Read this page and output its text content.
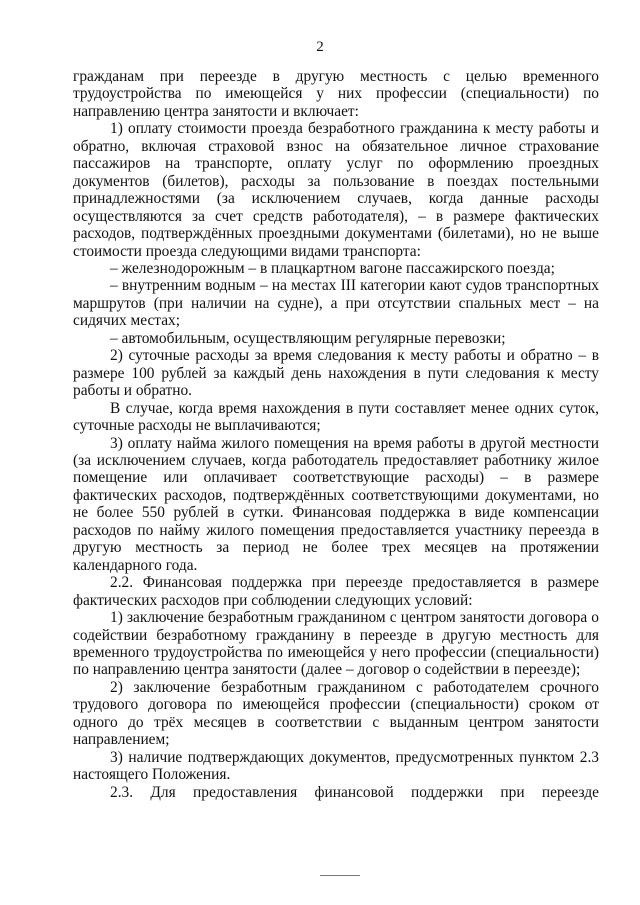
2

гражданам при переезде в другую местность с целью временного трудоустройства по имеющейся у них профессии (специальности) по направлению центра занятости и включает:

1) оплату стоимости проезда безработного гражданина к месту работы и обратно, включая страховой взнос на обязательное личное страхование пассажиров на транспорте, оплату услуг по оформлению проездных документов (билетов), расходы за пользование в поездах постельными принадлежностями (за исключением случаев, когда данные расходы осуществляются за счет средств работодателя), – в размере фактических расходов, подтверждённых проездными документами (билетами), но не выше стоимости проезда следующими видами транспорта:

– железнодорожным – в плацкартном вагоне пассажирского поезда;

– внутренним водным – на местах III категории кают судов транспортных маршрутов (при наличии на судне), а при отсутствии спальных мест – на сидячих местах;

– автомобильным, осуществляющим регулярные перевозки;

2) суточные расходы за время следования к месту работы и обратно – в размере 100 рублей за каждый день нахождения в пути следования к месту работы и обратно.

В случае, когда время нахождения в пути составляет менее одних суток, суточные расходы не выплачиваются;

3) оплату найма жилого помещения на время работы в другой местности (за исключением случаев, когда работодатель предоставляет работнику жилое помещение или оплачивает соответствующие расходы) – в размере фактических расходов, подтверждённых соответствующими документами, но не более 550 рублей в сутки. Финансовая поддержка в виде компенсации расходов по найму жилого помещения предоставляется участнику переезда в другую местность за период не более трех месяцев на протяжении календарного года.

2.2. Финансовая поддержка при переезде предоставляется в размере фактических расходов при соблюдении следующих условий:

1) заключение безработным гражданином с центром занятости договора о содействии безработному гражданину в переезде в другую местность для временного трудоустройства по имеющейся у него профессии (специальности) по направлению центра занятости (далее – договор о содействии в переезде);

2) заключение безработным гражданином с работодателем срочного трудового договора по имеющейся профессии (специальности) сроком от одного до трёх месяцев в соответствии с выданным центром занятости направлением;

3) наличие подтверждающих документов, предусмотренных пунктом 2.3 настоящего Положения.

2.3. Для предоставления финансовой поддержки при переезде
